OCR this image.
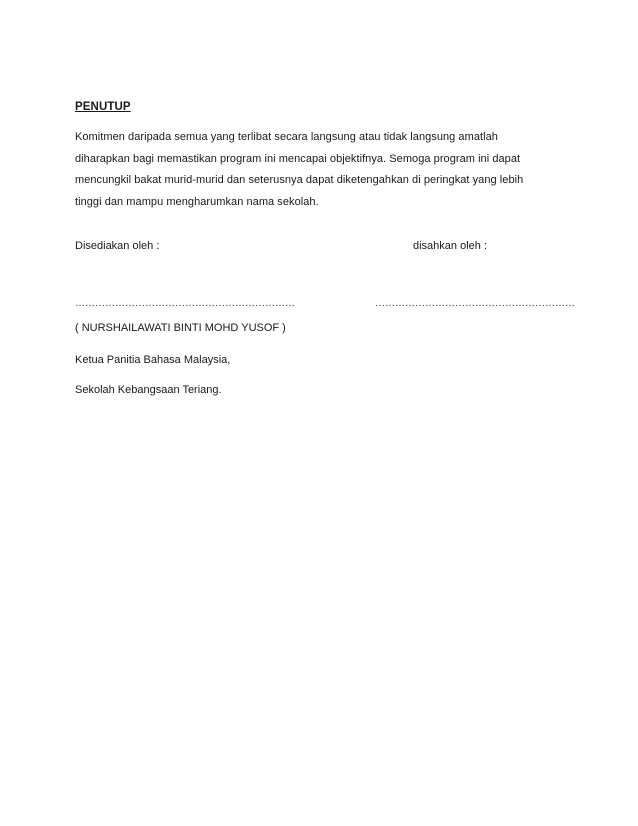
PENUTUP
Komitmen daripada semua yang terlibat secara langsung atau tidak langsung amatlah
diharapkan bagi memastikan program ini mencapai objektifnya. Semoga program ini dapat
mencungkil bakat murid-murid dan seterusnya dapat diketengahkan di peringkat yang lebih
tinggi dan mampu mengharumkan nama sekolah.
Disediakan oleh :	disahkan oleh :
…………………………………………………………	……………………………………………………
( NURSHAILAWATI BINTI MOHD YUSOF )
Ketua Panitia Bahasa Malaysia,
Sekolah Kebangsaan Teriang.
